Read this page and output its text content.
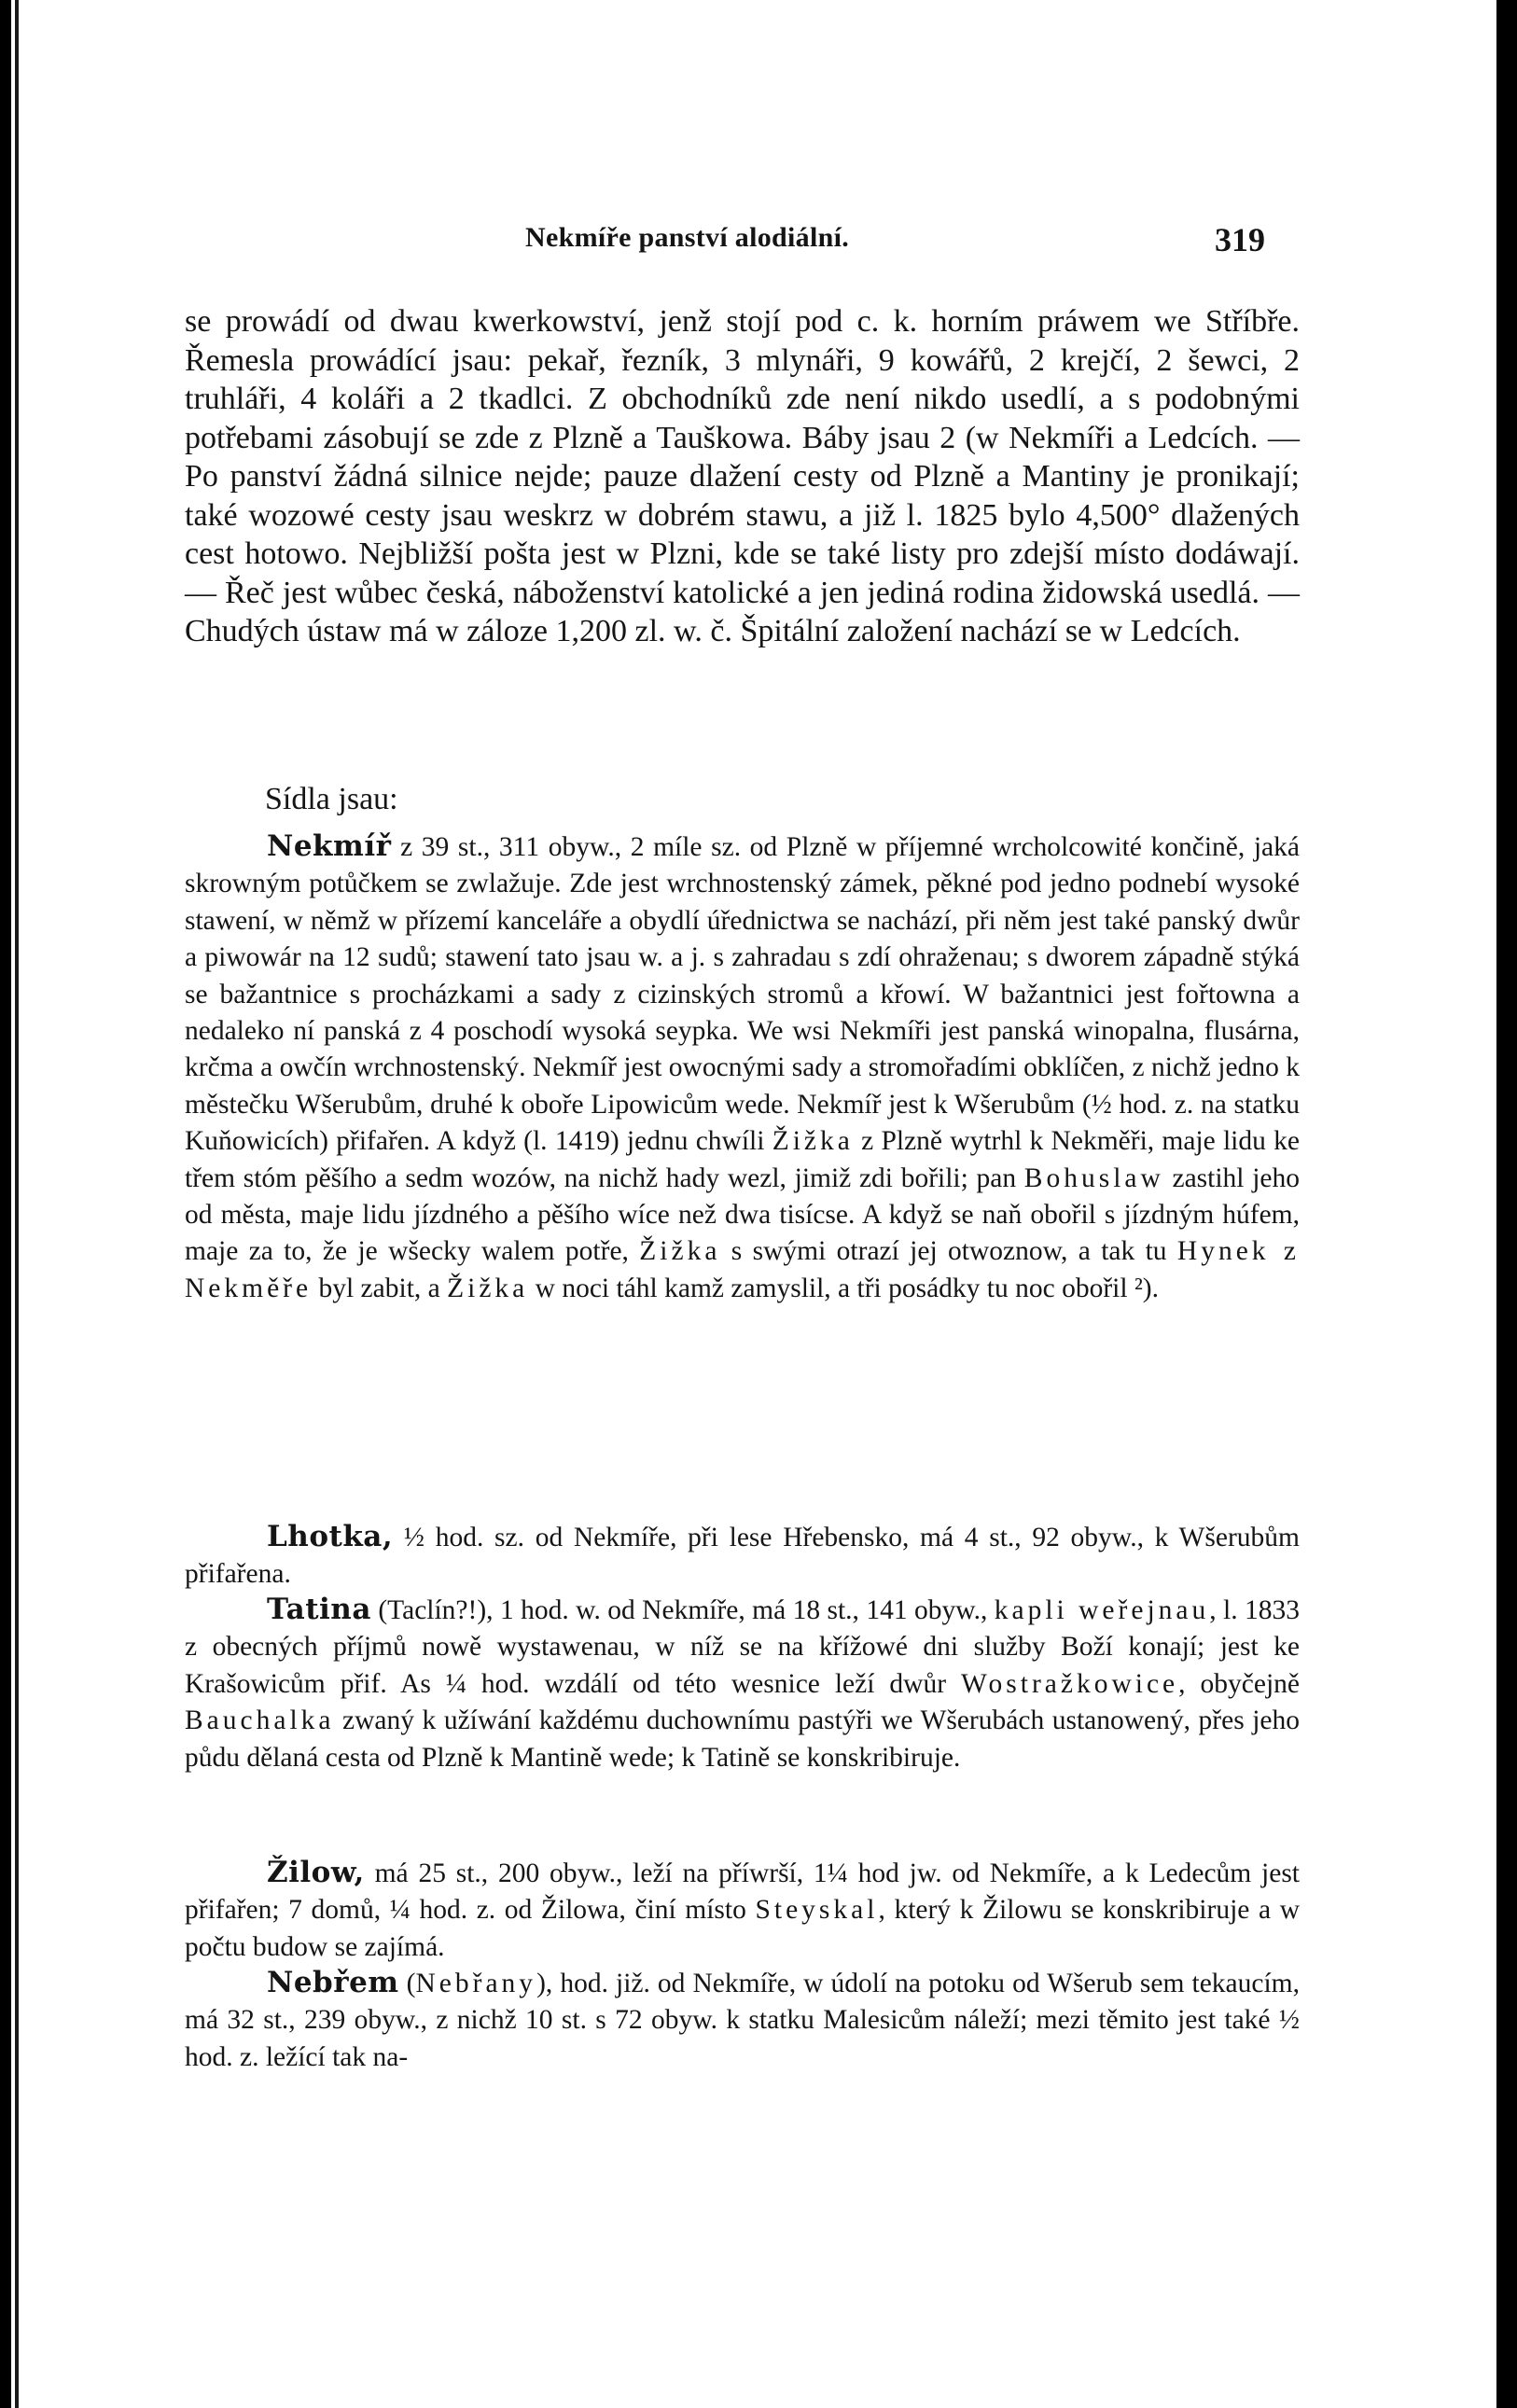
Nekmíře panství alodiální.	319

se prowádí od dwau kwerkowství, jenž stojí pod c. k. horním práwem we Stříbře. Řemesla prowádící jsau: pekař, řezník, 3 mlynáři, 9 kowářů, 2 krejčí, 2 šewci, 2 truhláři, 4 koláři a 2 tkadlci. Z obchodníků zde není nikdo usedlí, a s podobnými potřebami zásobují se zde z Plzně a Tauškowa. Báby jsau 2 (w Nekmíři a Ledcích. — Po panství žádná silnice nejde; pauze dlažení cesty od Plzně a Mantiny je pronikají; také wozowé cesty jsau weskrz w dobrém stawu, a již l. 1825 bylo 4,500° dlažených cest hotowo. Nejbližší pošta jest w Plzni, kde se také listy pro zdejší místo dodáwají. — Řeč jest wůbec česká, náboženství katolické a jen jediná rodina židowská usedlá. — Chudých ústaw má w záloze 1,200 zl. w. č. Špitální založení nachází se w Ledcích.

Sídla jsau:

Nekmíř z 39 st., 311 obyw., 2 míle sz. od Plzně w příjemné wrcholcowité končině, jaká skrowným potůčkem se zwlažuje. Zde jest wrchnostenský zámek, pěkné pod jedno podnebí wysoké stawení, w němž w přízemí kanceláře a obydlí úřednictwa se nachází, při něm jest také panský dwůr a piwowár na 12 sudů; stawení tato jsau w. a j. s zahradau s zdí ohraženau; s dworem západně stýká se bažantnice s procházkami a sady z cizinských stromů a křowí. W bažantnici jest fořtowna a nedaleko ní panská z 4 poschodí wysoká seypka. We wsi Nekmíři jest panská winopalna, flusárna, krčma a owčín wrchnostenský. Nekmíř jest owocnými sady a stromořadími obklíčen, z nichž jedno k městečku Wšerubům, druhé k oboře Lipowicům wede. Nekmíř jest k Wšerubům (½ hod. z. na statku Kuňowicích) přifařen. A když (l. 1419) jednu chwíli Žižka z Plzně wytrhl k Nekměři, maje lidu ke třem stóm pěšího a sedm wozów, na nichž hady wezl, jimiž zdi bořili; pan Bohuslaw zastihl jeho od města, maje lidu jízdného a pěšího wíce než dwa tisícse. A když se naň obořil s jízdným húfem, maje za to, že je wšecky walem potře, Žižka s swými otrazí jej otwoznow, a tak tu Hynek z Nekměře byl zabit, a Žižka w noci táhl kamž zamyslil, a tři posádky tu noc obořil ²).

Lhotka, ½ hod. sz. od Nekmíře, při lese Hřebensko, má 4 st., 92 obyw., k Wšerubům přifařena.

Tatina (Taclín?!), 1 hod. w. od Nekmíře, má 18 st., 141 obyw., kapli weřejnau, l. 1833 z obecných příjmů nowě wystawenau, w níž se na křížowé dni služby Boží konají; jest ke Krašowicům přif. As ¼ hod. wzdálí od této wesnice leží dwůr Wostražkowice, obyčejně Bauchalka zwaný k užíwání každému duchownímu pastýři we Wšerubách ustanowený, přes jeho půdu dělaná cesta od Plzně k Mantině wede; k Tatině se konskribiruje.

Žilow, má 25 st., 200 obyw., leží na příwrší, 1¼ hod jw. od Nekmíře, a k Ledecům jest přifařen; 7 domů, ¼ hod. z. od Žilowa, činí místo Steyskal, který k Žilowu se konskribiruje a w počtu budow se zajímá.

Nebřem (Nebřany), hod. již. od Nekmíře, w údolí na potoku od Wšerub sem tekaucím, má 32 st., 239 obyw., z nichž 10 st. s 72 obyw. k statku Malesicům náleží; mezi těmito jest také ½ hod. z. ležící tak na-
